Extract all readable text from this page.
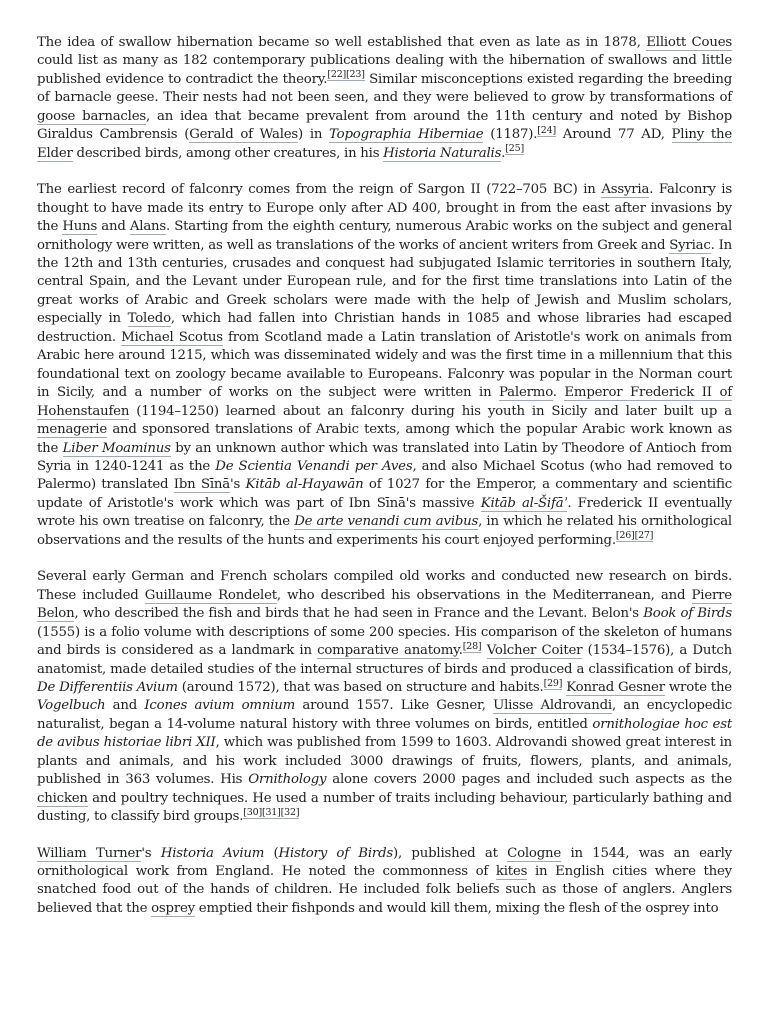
The idea of swallow hibernation became so well established that even as late as in 1878, Elliott Coues could list as many as 182 contemporary publications dealing with the hibernation of swallows and little published evidence to contradict the theory.[22][23] Similar misconceptions existed regarding the breeding of barnacle geese. Their nests had not been seen, and they were believed to grow by transformations of goose barnacles, an idea that became prevalent from around the 11th century and noted by Bishop Giraldus Cambrensis (Gerald of Wales) in Topographia Hiberniae (1187).[24] Around 77 AD, Pliny the Elder described birds, among other creatures, in his Historia Naturalis.[25]

The earliest record of falconry comes from the reign of Sargon II (722–705 BC) in Assyria. Falconry is thought to have made its entry to Europe only after AD 400, brought in from the east after invasions by the Huns and Alans. Starting from the eighth century, numerous Arabic works on the subject and general ornithology were written, as well as translations of the works of ancient writers from Greek and Syriac. In the 12th and 13th centuries, crusades and conquest had subjugated Islamic territories in southern Italy, central Spain, and the Levant under European rule, and for the first time translations into Latin of the great works of Arabic and Greek scholars were made with the help of Jewish and Muslim scholars, especially in Toledo, which had fallen into Christian hands in 1085 and whose libraries had escaped destruction. Michael Scotus from Scotland made a Latin translation of Aristotle's work on animals from Arabic here around 1215, which was disseminated widely and was the first time in a millennium that this foundational text on zoology became available to Europeans. Falconry was popular in the Norman court in Sicily, and a number of works on the subject were written in Palermo. Emperor Frederick II of Hohenstaufen (1194–1250) learned about an falconry during his youth in Sicily and later built up a menagerie and sponsored translations of Arabic texts, among which the popular Arabic work known as the Liber Moaminus by an unknown author which was translated into Latin by Theodore of Antioch from Syria in 1240-1241 as the De Scientia Venandi per Aves, and also Michael Scotus (who had removed to Palermo) translated Ibn Sīnā's Kitāb al-Hayawān of 1027 for the Emperor, a commentary and scientific update of Aristotle's work which was part of Ibn Sīnā's massive Kitāb al-Šifāʾ. Frederick II eventually wrote his own treatise on falconry, the De arte venandi cum avibus, in which he related his ornithological observations and the results of the hunts and experiments his court enjoyed performing.[26][27]

Several early German and French scholars compiled old works and conducted new research on birds. These included Guillaume Rondelet, who described his observations in the Mediterranean, and Pierre Belon, who described the fish and birds that he had seen in France and the Levant. Belon's Book of Birds (1555) is a folio volume with descriptions of some 200 species. His comparison of the skeleton of humans and birds is considered as a landmark in comparative anatomy.[28] Volcher Coiter (1534–1576), a Dutch anatomist, made detailed studies of the internal structures of birds and produced a classification of birds, De Differentiis Avium (around 1572), that was based on structure and habits.[29] Konrad Gesner wrote the Vogelbuch and Icones avium omnium around 1557. Like Gesner, Ulisse Aldrovandi, an encyclopedic naturalist, began a 14-volume natural history with three volumes on birds, entitled ornithologiae hoc est de avibus historiae libri XII, which was published from 1599 to 1603. Aldrovandi showed great interest in plants and animals, and his work included 3000 drawings of fruits, flowers, plants, and animals, published in 363 volumes. His Ornithology alone covers 2000 pages and included such aspects as the chicken and poultry techniques. He used a number of traits including behaviour, particularly bathing and dusting, to classify bird groups.[30][31][32]

William Turner's Historia Avium (History of Birds), published at Cologne in 1544, was an early ornithological work from England. He noted the commonness of kites in English cities where they snatched food out of the hands of children. He included folk beliefs such as those of anglers. Anglers believed that the osprey emptied their fishponds and would kill them, mixing the flesh of the osprey into
